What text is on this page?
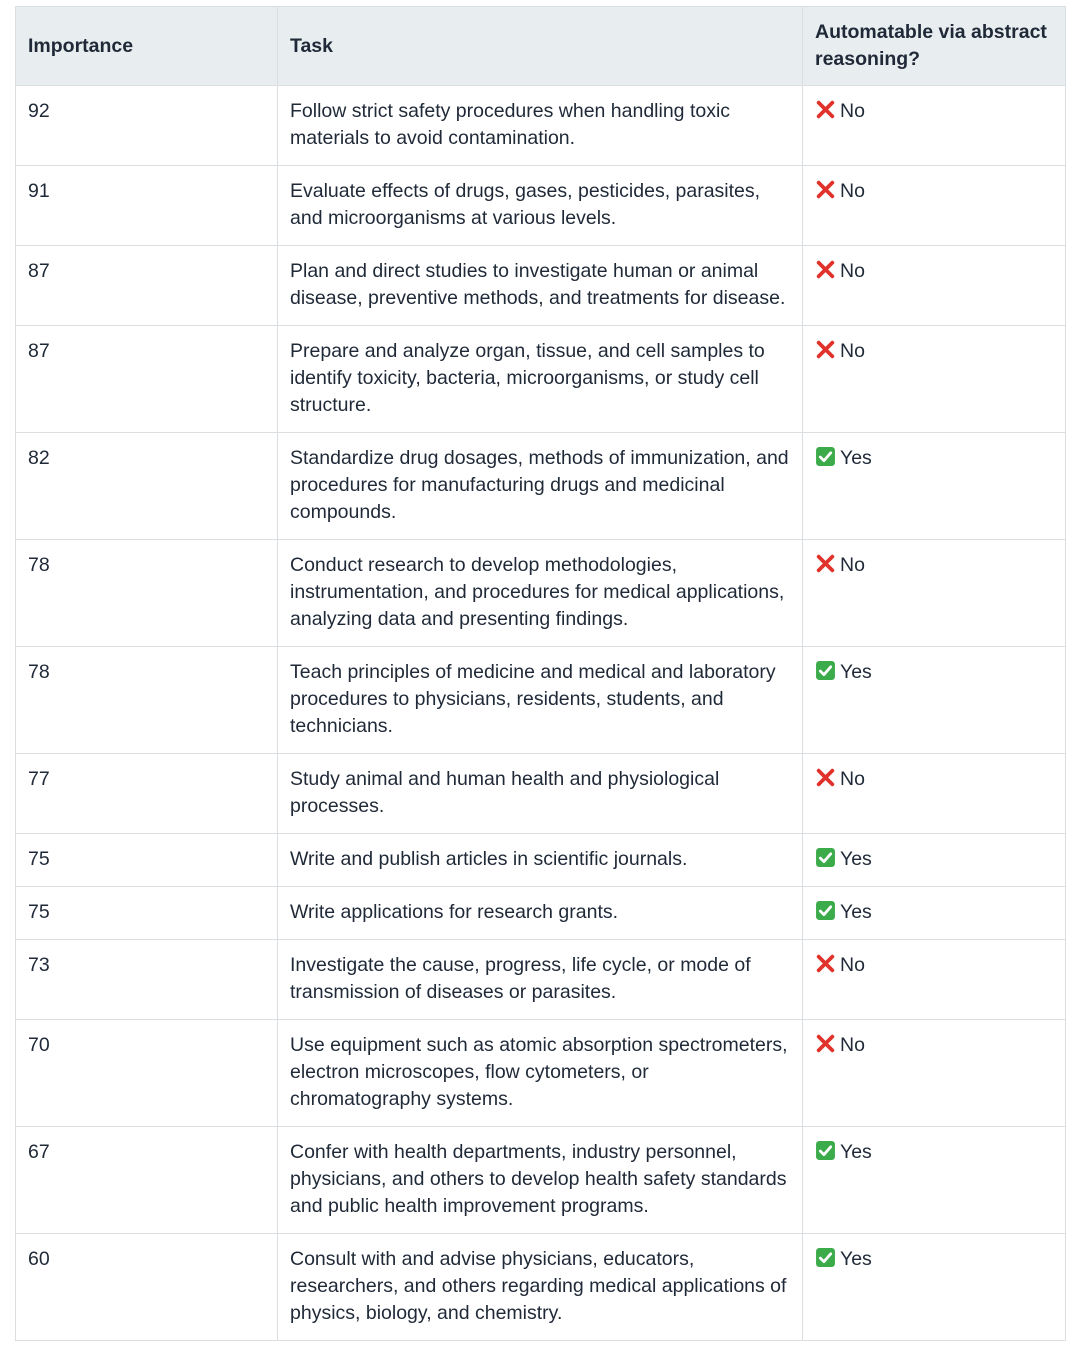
Importance	Task	Automatable via abstract reasoning?
92	Follow strict safety procedures when handling toxic materials to avoid contamination.	No
91	Evaluate effects of drugs, gases, pesticides, parasites, and microorganisms at various levels.	No
87	Plan and direct studies to investigate human or animal disease, preventive methods, and treatments for disease.	No
87	Prepare and analyze organ, tissue, and cell samples to identify toxicity, bacteria, microorganisms, or study cell structure.	No
82	Standardize drug dosages, methods of immunization, and procedures for manufacturing drugs and medicinal compounds.	Yes
78	Conduct research to develop methodologies, instrumentation, and procedures for medical applications, analyzing data and presenting findings.	No
78	Teach principles of medicine and medical and laboratory procedures to physicians, residents, students, and technicians.	Yes
77	Study animal and human health and physiological processes.	No
75	Write and publish articles in scientific journals.	Yes
75	Write applications for research grants.	Yes
73	Investigate the cause, progress, life cycle, or mode of transmission of diseases or parasites.	No
70	Use equipment such as atomic absorption spectrometers, electron microscopes, flow cytometers, or chromatography systems.	No
67	Confer with health departments, industry personnel, physicians, and others to develop health safety standards and public health improvement programs.	Yes
60	Consult with and advise physicians, educators, researchers, and others regarding medical applications of physics, biology, and chemistry.	Yes
